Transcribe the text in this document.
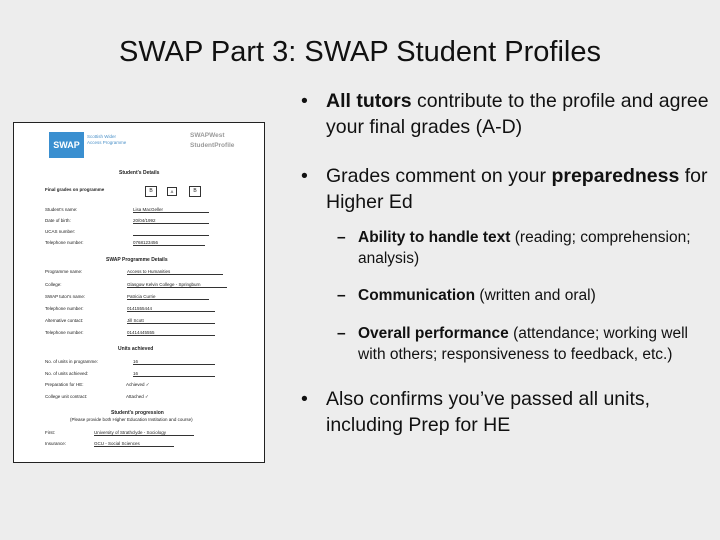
SWAP Part 3: SWAP Student Profiles
SWAP
Scottish Wider
Access Programme
SWAPWest
StudentProfile
Student's Details
Final grades on programme	B	A	B
Student's name:	Lisa MacGeller
Date of birth:	20/04/1992
UCAS number:
Telephone number:	0768123456
SWAP Programme Details
Programme name:	Access to Humanities
College:	Glasgow Kelvin College - Springburn
SWAP tutor's name:	Patricia Currie
Telephone number:	0141555444
Alternative contact:	Jill Scott
Telephone number:	01414445555
Units achieved
No. of units in programme:	16
No. of units achieved:	16
Preparation for HE:	Achieved ✓
College unit contract:	Attached ✓
Student's progression
(Please provide both Higher Education Institution and course)
First:	University of Strathclyde - Sociology
Insurance:	GCU - Social Sciences
• All tutors contribute to the profile and agree your final grades (A-D)
• Grades comment on your preparedness for Higher Ed
– Ability to handle text (reading; comprehension; analysis)
– Communication (written and oral)
– Overall performance (attendance; working well with others; responsiveness to feedback, etc.)
• Also confirms you’ve passed all units, including Prep for HE
